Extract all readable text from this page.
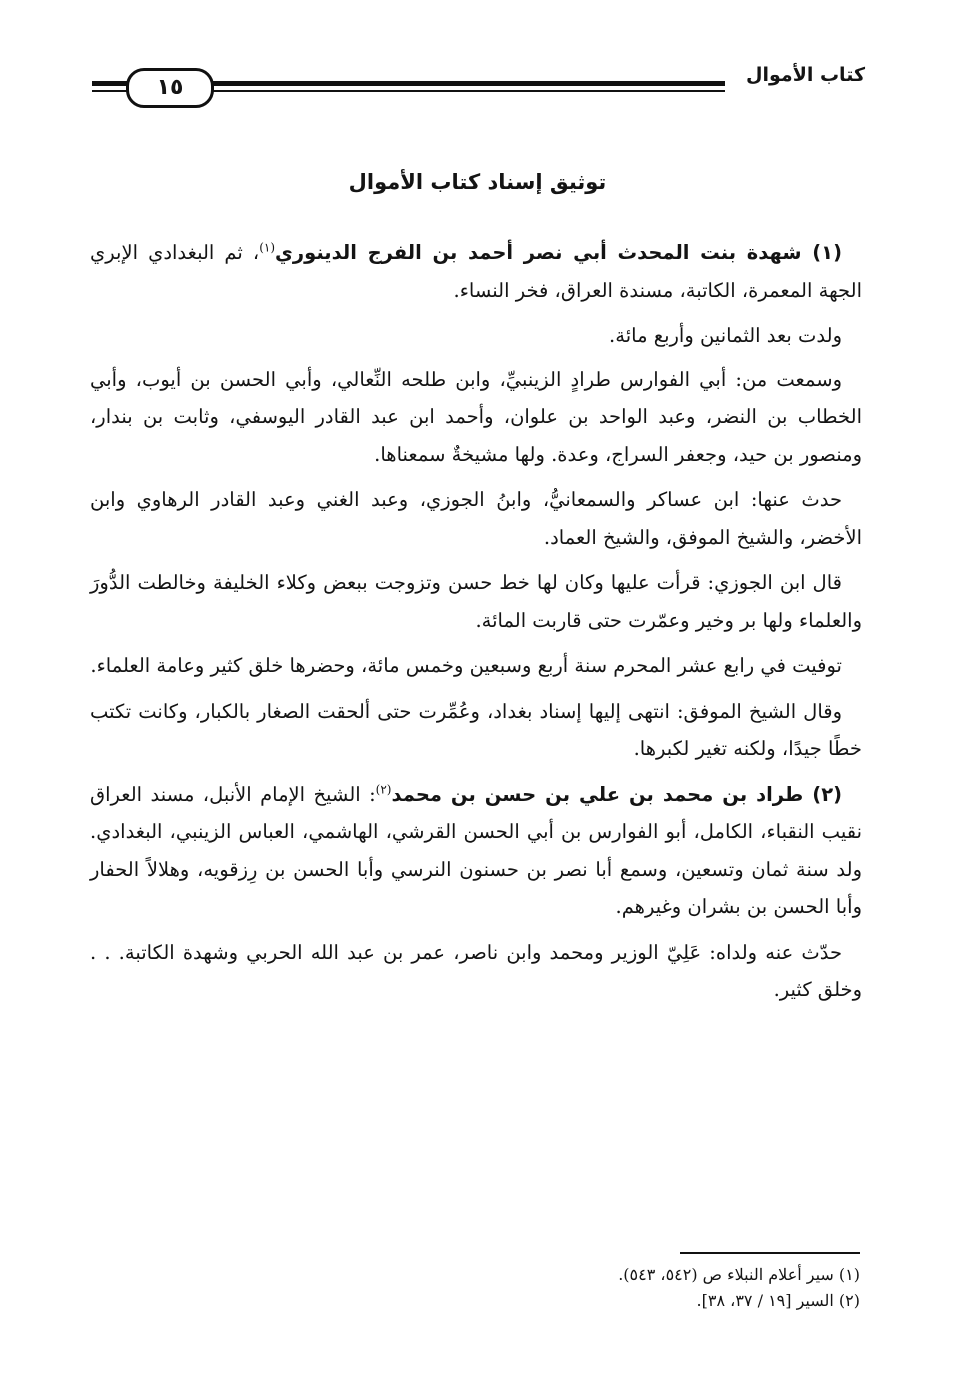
١٥	كتاب الأموال
توثيق إسناد كتاب الأموال

(١) شهدة بنت المحدث أبي نصر أحمد بن الفرج الدينوري$^{(١)}$، ثم البغدادي الإبري الجهة المعمرة، الكاتبة، مسندة العراق، فخر النساء.

ولدت بعد الثمانين وأربع مائة.

وسمعت من: أبي الفوارس طرادٍ الزينبيِّ، وابن طلحه النِّعالي، وأبي الحسن بن أيوب، وأبي الخطاب بن النضر، وعبد الواحد بن علوان، وأحمد ابن عبد القادر اليوسفي، وثابت بن بندار، ومنصور بن حيد، وجعفر السراج، وعدة. ولها مشيخةٌ سمعناها.

حدث عنها: ابن عساكر والسمعانيُّ، وابنُ الجوزي، وعبد الغني وعبد القادر الرهاوي وابن الأخضر، والشيخ الموفق، والشيخ العماد.

قال ابن الجوزي: قرأت عليها وكان لها خط حسن وتزوجت ببعض وكلاء الخليفة وخالطت الدُّورَ والعلماء ولها بر وخير وعمّرت حتى قاربت المائة.

توفيت في رابع عشر المحرم سنة أربع وسبعين وخمس مائة، وحضرها خلق كثير وعامة العلماء.

وقال الشيخ الموفق: انتهى إليها إسناد بغداد، وعُمِّرت حتى ألحقت الصغار بالكبار، وكانت تكتب خطًا جيدًا، ولكنه تغير لكبرها.

(٢) طراد بن محمد بن علي بن حسن بن محمد$^{(٢)}$: الشيخ الإمام الأنبل، مسند العراق نقيب النقباء، الكامل، أبو الفوارس بن أبي الحسن القرشي، الهاشمي، العباس الزينبي، البغدادي. ولد سنة ثمان وتسعين، وسمع أبا نصر بن حسنون النرسي وأبا الحسن بن رِزقويه، وهلالاً الحفار وأبا الحسن بن بشران وغيرهم.

حدّث عنه ولداه: عَلِيّ الوزير ومحمد وابن ناصر، عمر بن عبد الله الحربي وشهدة الكاتبة. . . وخلق كثير.

(١) سير أعلام النبلاء ص (٥٤٢، ٥٤٣).

(٢) السير [١٩ / ٣٧، ٣٨].
